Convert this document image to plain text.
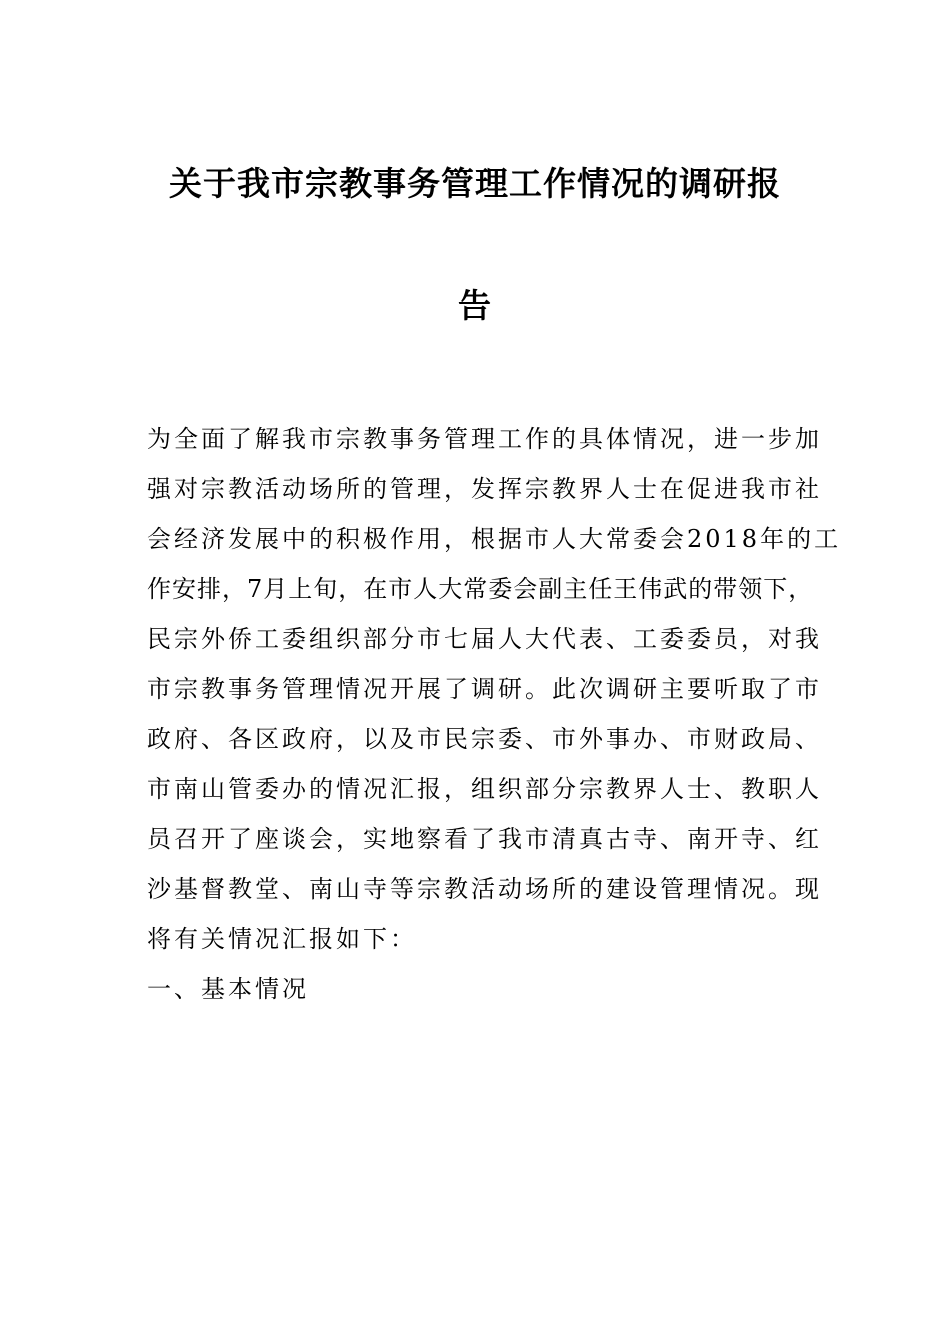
关于我市宗教事务管理工作情况的调研报
告
为全面了解我市宗教事务管理工作的具体情况，进一步加
强对宗教活动场所的管理，发挥宗教界人士在促进我市社
会经济发展中的积极作用，根据市人大常委会2018年的工
作安排，7月上旬，在市人大常委会副主任王伟武的带领下，
民宗外侨工委组织部分市七届人大代表、工委委员，对我
市宗教事务管理情况开展了调研。此次调研主要听取了市
政府、各区政府，以及市民宗委、市外事办、市财政局、
市南山管委办的情况汇报，组织部分宗教界人士、教职人
员召开了座谈会，实地察看了我市清真古寺、南开寺、红
沙基督教堂、南山寺等宗教活动场所的建设管理情况。现
将有关情况汇报如下：
一、基本情况
